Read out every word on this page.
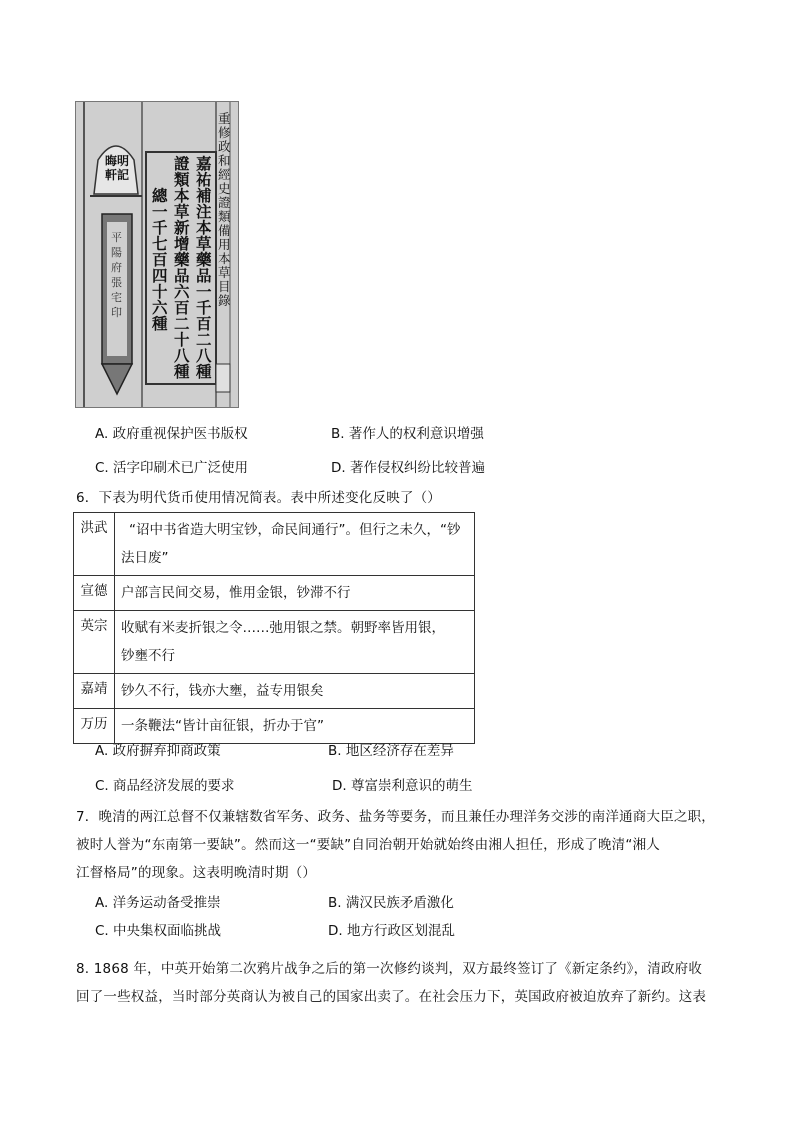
重修政和經史證類備用本草目錄
嘉祐補注本草藥品一千百二八種
證類本草新增藥品六百二十八種
總一千七百四十六種
晦明軒記
平陽府張宅印
A. 政府重视保护医书版权	B. 著作人的权利意识增强
C. 活字印刷术已广泛使用	D. 著作侵权纠纷比较普遍
6．下表为明代货币使用情况简表。表中所述变化反映了（）
洪武	“诏中书省造大明宝钞，命民间通行”。但行之未久，“钞
法日废”

宣德	户部言民间交易，惟用金银，钞滞不行

英宗	收赋有米麦折银之令……弛用银之禁。朝野率皆用银，
钞壅不行

嘉靖	钞久不行，钱亦大壅，益专用银矣

万历	一条鞭法“皆计亩征银，折办于官”
A. 政府摒弃抑商政策	B. 地区经济存在差异
C. 商品经济发展的要求	D. 尊富崇利意识的萌生
7．晚清的两江总督不仅兼辖数省军务、政务、盐务等要务，而且兼任办理洋务交涉的南洋通商大臣之职，
被时人誉为“东南第一要缺”。然而这一“要缺”自同治朝开始就始终由湘人担任，形成了晚清“湘人
江督格局”的现象。这表明晚清时期（）
A. 洋务运动备受推崇	B. 满汉民族矛盾激化
C. 中央集权面临挑战	D. 地方行政区划混乱
8. 1868 年，中英开始第二次鸦片战争之后的第一次修约谈判，双方最终签订了《新定条约》，清政府收
回了一些权益，当时部分英商认为被自己的国家出卖了。在社会压力下，英国政府被迫放弃了新约。这表
